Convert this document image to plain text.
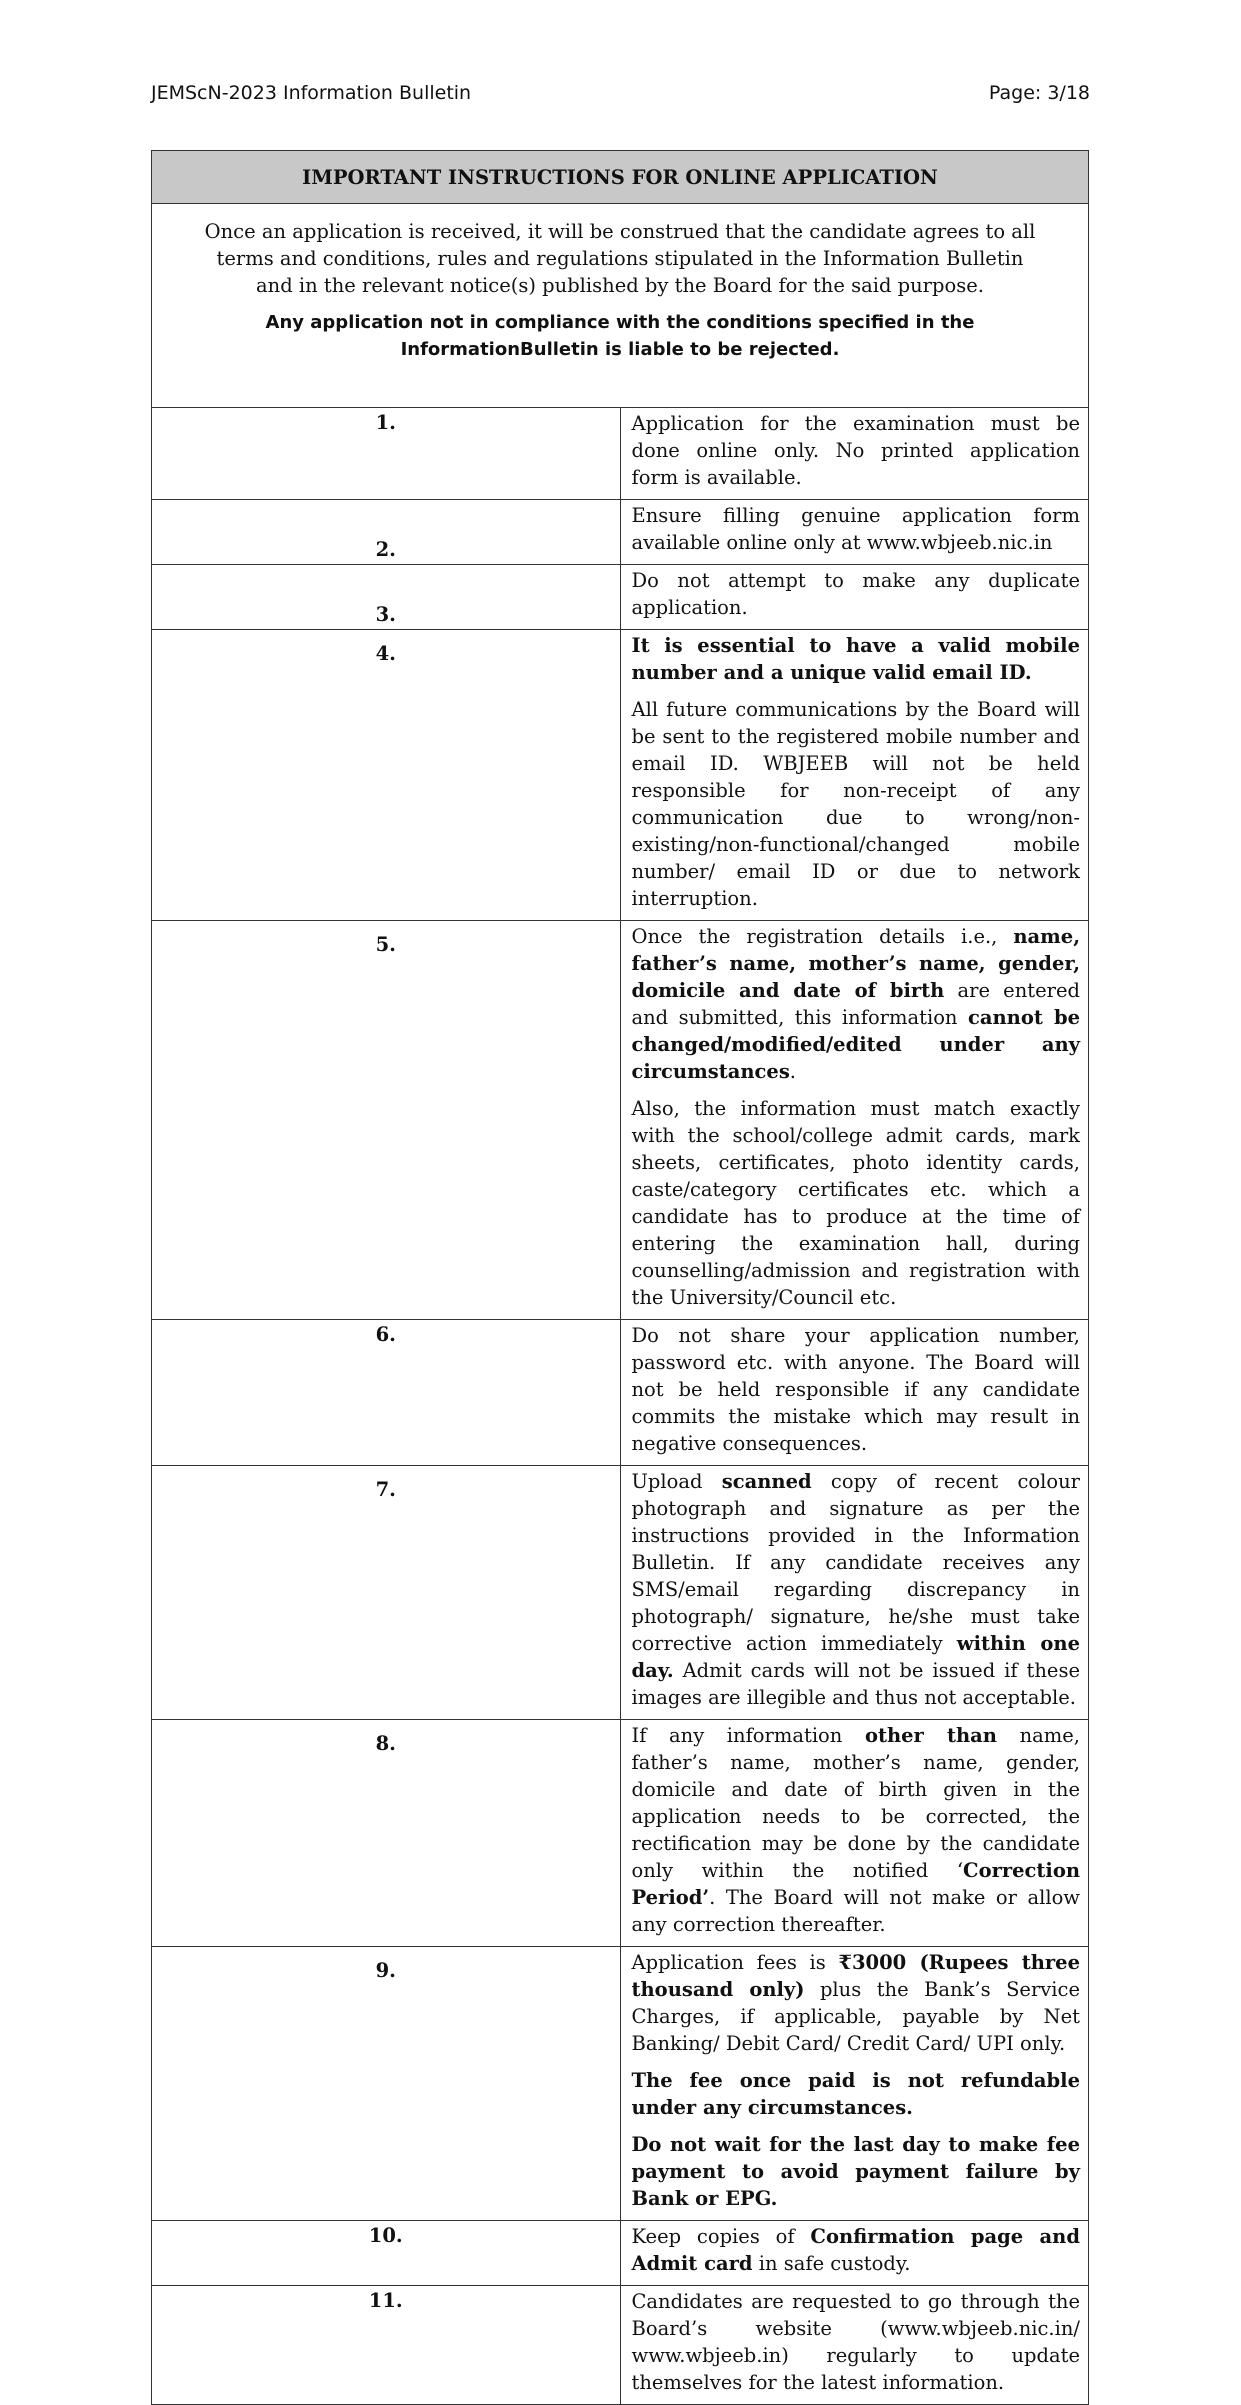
JEMScN-2023 Information Bulletin	Page: 3/18
IMPORTANT INSTRUCTIONS FOR ONLINE APPLICATION	

Once an application is received, it will be construed that the candidate agrees to all
terms and conditions, rules and regulations stipulated in the Information Bulletin
and in the relevant notice(s) published by the Board for the said purpose.
Any application not in compliance with the conditions specified in the InformationBulletin is liable to be rejected.	

1.	Application for the examination must be done online only. No printed application form is available.

2.	Ensure filling genuine application form available online only at www.wbjeeb.nic.in

3.	Do not attempt to make any duplicate application.

4.	It is essential to have a valid mobile number and a unique valid email ID.

All future communications by the Board will be sent to the registered mobile number and email ID. WBJEEB will not be held responsible for non-receipt of any communication due to wrong/non- existing/non-functional/changed mobile number/ email ID or due to network interruption.

5.	Once the registration details i.e., name, father’s name, mother’s name, gender, domicile and date of birth are entered and submitted, this information cannot be changed/modified/edited under any circumstances.

Also, the information must match exactly with the school/college admit cards, mark sheets, certificates, photo identity cards, caste/category certificates etc. which a candidate has to produce at the time of entering the examination hall, during counselling/admission and registration with the University/Council etc.

6.	Do not share your application number, password etc. with anyone. The Board will not be held responsible if any candidate commits the mistake which may result in negative consequences.

7.	Upload scanned copy of recent colour photograph and signature as per the instructions provided in the Information Bulletin. If any candidate receives any SMS/email regarding discrepancy in photograph/ signature, he/she must take corrective action immediately within one day. Admit cards will not be issued if these images are illegible and thus not acceptable.

8.	If any information other than name, father’s name, mother’s name, gender, domicile and date of birth given in the application needs to be corrected, the rectification may be done by the candidate only within the notified ‘Correction Period’. The Board will not make or allow any correction thereafter.

9.	Application fees is ₹3000 (Rupees three thousand only) plus the Bank’s Service Charges, if applicable, payable by Net Banking/ Debit Card/ Credit Card/ UPI only.

The fee once paid is not refundable under any circumstances.

Do not wait for the last day to make fee payment to avoid payment failure by Bank or EPG.

10.	Keep copies of Confirmation page and Admit card in safe custody.

11.	Candidates are requested to go through the Board’s website (www.wbjeeb.nic.in/ www.wbjeeb.in) regularly to update themselves for the latest information.
